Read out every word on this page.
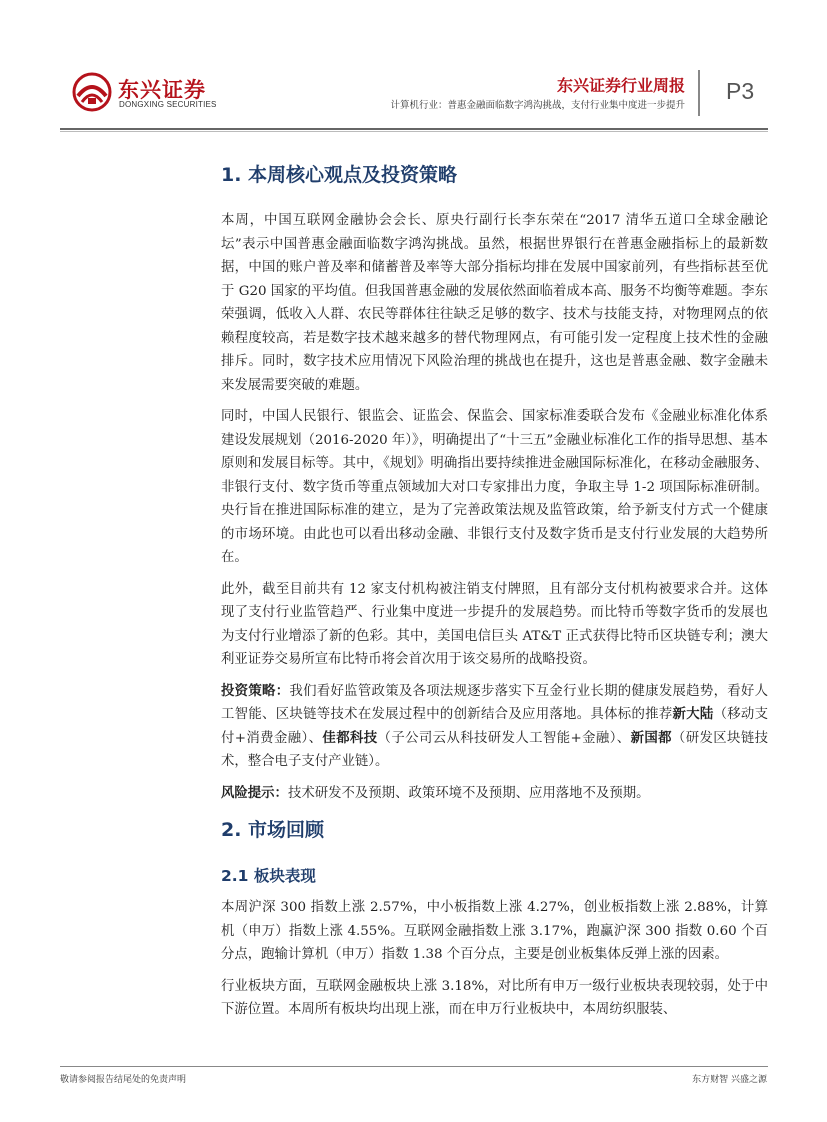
东兴证券
DONGXING SECURITIES
东兴证券行业周报
计算机行业：普惠金融面临数字鸿沟挑战，支付行业集中度进一步提升
P3
1. 本周核心观点及投资策略

本周，中国互联网金融协会会长、原央行副行长李东荣在“2017 清华五道口全球金融论坛”表示中国普惠金融面临数字鸿沟挑战。虽然，根据世界银行在普惠金融指标上的最新数据，中国的账户普及率和储蓄普及率等大部分指标均排在发展中国家前列，有些指标甚至优于 G20 国家的平均值。但我国普惠金融的发展依然面临着成本高、服务不均衡等难题。李东荣强调，低收入人群、农民等群体往往缺乏足够的数字、技术与技能支持，对物理网点的依赖程度较高，若是数字技术越来越多的替代物理网点，有可能引发一定程度上技术性的金融排斥。同时，数字技术应用情况下风险治理的挑战也在提升，这也是普惠金融、数字金融未来发展需要突破的难题。

同时，中国人民银行、银监会、证监会、保监会、国家标准委联合发布《金融业标准化体系建设发展规划（2016-2020 年）》，明确提出了“十三五”金融业标准化工作的指导思想、基本原则和发展目标等。其中，《规划》明确指出要持续推进金融国际标准化，在移动金融服务、非银行支付、数字货币等重点领域加大对口专家排出力度，争取主导 1-2 项国际标准研制。央行旨在推进国际标准的建立，是为了完善政策法规及监管政策，给予新支付方式一个健康的市场环境。由此也可以看出移动金融、非银行支付及数字货币是支付行业发展的大趋势所在。

此外，截至目前共有 12 家支付机构被注销支付牌照，且有部分支付机构被要求合并。这体现了支付行业监管趋严、行业集中度进一步提升的发展趋势。而比特币等数字货币的发展也为支付行业增添了新的色彩。其中，美国电信巨头 AT&T 正式获得比特币区块链专利；澳大利亚证券交易所宣布比特币将会首次用于该交易所的战略投资。

投资策略：我们看好监管政策及各项法规逐步落实下互金行业长期的健康发展趋势，看好人工智能、区块链等技术在发展过程中的创新结合及应用落地。具体标的推荐新大陆（移动支付+消费金融）、佳都科技（子公司云从科技研发人工智能+金融）、新国都（研发区块链技术，整合电子支付产业链）。

风险提示：技术研发不及预期、政策环境不及预期、应用落地不及预期。

2. 市场回顾
2.1 板块表现

本周沪深 300 指数上涨 2.57%，中小板指数上涨 4.27%，创业板指数上涨 2.88%，计算机（申万）指数上涨 4.55%。互联网金融指数上涨 3.17%，跑赢沪深 300 指数 0.60 个百分点，跑输计算机（申万）指数 1.38 个百分点，主要是创业板集体反弹上涨的因素。

行业板块方面，互联网金融板块上涨 3.18%，对比所有申万一级行业板块表现较弱，处于中下游位置。本周所有板块均出现上涨，而在申万行业板块中，本周纺织服装、

敬请参阅报告结尾处的免责声明	东方财智 兴盛之源
